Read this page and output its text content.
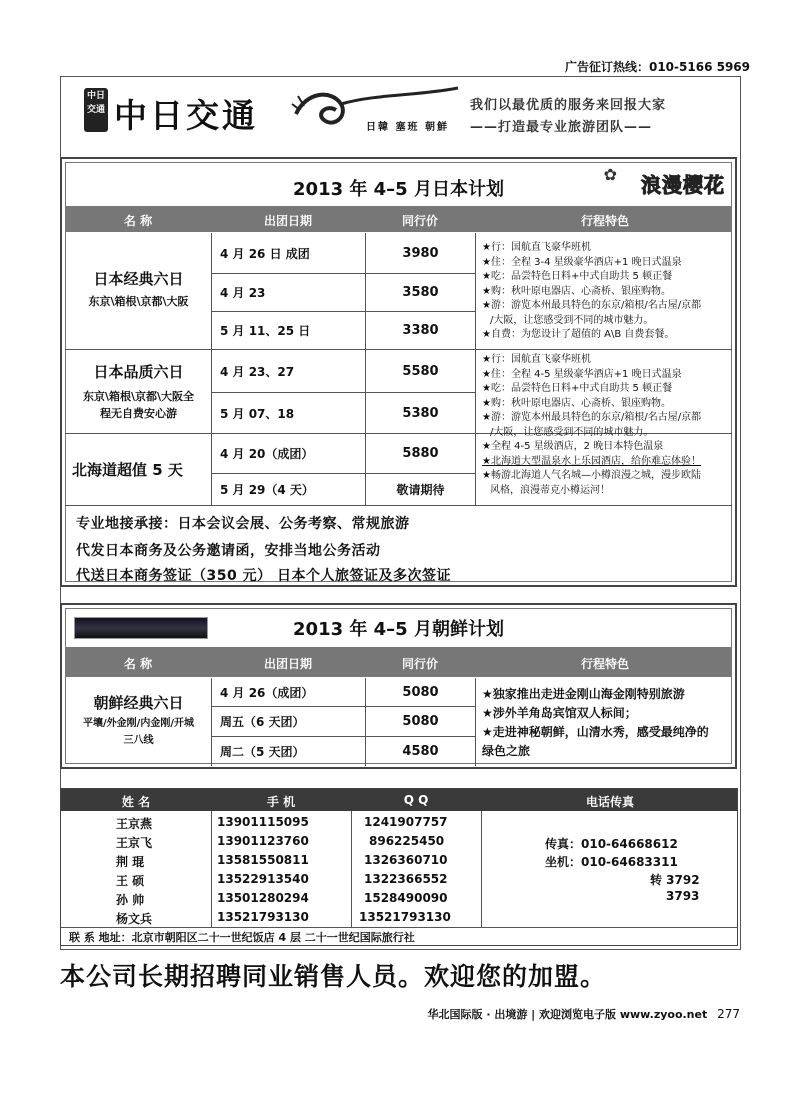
广告征订热线：010-5166 5969
中日
交通 中日交通	日韓 塞班 朝鮮
我们以最优质的服务来回报大家
——打造最专业旅游团队——
2013 年 4–5 月日本计划
✿ 浪漫樱花
名 称	出团日期	同行价	行程特色
日本经典六日
东京\箱根\京都\大阪
4 月 26 日 成团	3980
4 月 23	3580
5 月 11、25 日	3380
★行：国航直飞豪华班机
★住：全程 3-4 星级豪华酒店+1 晚日式温泉
★吃：品尝特色日料+中式自助共 5 顿正餐
★购：秋叶原电器店、心斋桥、银座购物。
★游：游览本州最具特色的东京/箱根/名古屋/京都
/大阪，让您感受到不同的城市魅力。
★自费：为您设计了超值的 A\B 自费套餐。
日本品质六日
东京\箱根\京都\大阪全
程无自费安心游
4 月 23、27	5580
5 月 07、18	5380
★行：国航直飞豪华班机
★住：全程 4-5 星级豪华酒店+1 晚日式温泉
★吃：品尝特色日料+中式自助共 5 顿正餐
★购：秋叶原电器店、心斋桥、银座购物。
★游：游览本州最具特色的东京/箱根/名古屋/京都
/大阪，让您感受到不同的城市魅力。
北海道超值 5 天
4 月 20（成团）	5880
5 月 29（4 天）	敬请期待
★全程 4-5 星级酒店，2 晚日本特色温泉
★北海道大型温泉水上乐园酒店，给你难忘体验！
★畅游北海道人气名城—小樽浪漫之城，漫步欧陆
风格，浪漫蒂克小樽运河！
专业地接承接：日本会议会展、公务考察、常规旅游
代发日本商务及公务邀请函，安排当地公务活动
代送日本商务签证（350 元） 日本个人旅签证及多次签证
2013 年 4–5 月朝鲜计划
名 称	出团日期	同行价	行程特色
朝鲜经典六日
平壤/外金刚/内金刚/开城
三八线
4 月 26（成团）	5080
周五（6 天团）	5080
周二（5 天团）	4580
★独家推出走进金刚山海金刚特别旅游
★涉外羊角岛宾馆双人标间；
★走进神秘朝鲜，山清水秀，感受最纯净的
绿色之旅
姓 名	手 机	Q Q	电话传真
王京燕	13901115095	1241907757
王京飞	13901123760	896225450
荆 琨	13581550811	1326360710
王 硕	13522913540	1322366552
孙 帅	13501280294	1528490090
杨文兵	13521793130	13521793130
传真：010-64668612
坐机：010-64683311
转 3792
3793
联 系 地址：北京市朝阳区二十一世纪饭店 4 层 二十一世纪国际旅行社
本公司长期招聘同业销售人员。欢迎您的加盟。
华北国际版 · 出境游 | 欢迎浏览电子版 www.zyoo.net 277
